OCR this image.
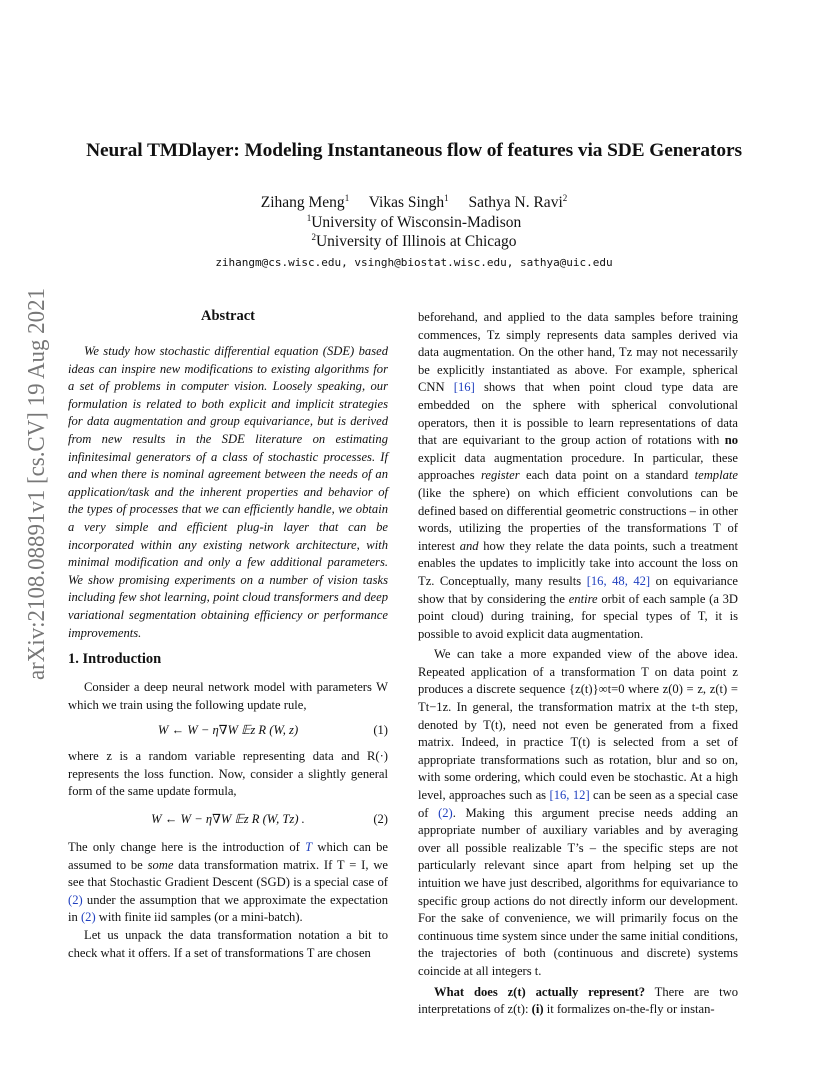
arXiv:2108.08891v1 [cs.CV] 19 Aug 2021
Neural TMDlayer: Modeling Instantaneous flow of features via SDE Generators
Zihang Meng$^1$ Vikas Singh$^1$ Sathya N. Ravi$^2$
$^1$University of Wisconsin-Madison
$^2$University of Illinois at Chicago
zihangm@cs.wisc.edu, vsingh@biostat.wisc.edu, sathya@uic.edu
Abstract

We study how stochastic differential equation (SDE) based ideas can inspire new modifications to existing algorithms for a set of problems in computer vision. Loosely speaking, our formulation is related to both explicit and implicit strategies for data augmentation and group equivariance, but is derived from new results in the SDE literature on estimating infinitesimal generators of a class of stochastic processes. If and when there is nominal agreement between the needs of an application/task and the inherent properties and behavior of the types of processes that we can efficiently handle, we obtain a very simple and efficient plug-in layer that can be incorporated within any existing network architecture, with minimal modification and only a few additional parameters. We show promising experiments on a number of vision tasks including few shot learning, point cloud transformers and deep variational segmentation obtaining efficiency or performance improvements.

1. Introduction

Consider a deep neural network model with parameters W which we train using the following update rule,

W ← W − η∇W 𝔼z R (W, z)	(1)

where z is a random variable representing data and R(·) represents the loss function. Now, consider a slightly general form of the same update formula,

W ← W − η∇W 𝔼z R (W, Tz) .	(2)

The only change here is the introduction of T which can be assumed to be some data transformation matrix. If T = I, we see that Stochastic Gradient Descent (SGD) is a special case of (2) under the assumption that we approximate the expectation in (2) with finite iid samples (or a mini-batch).

Let us unpack the data transformation notation a bit to check what it offers. If a set of transformations T are chosen

beforehand, and applied to the data samples before training commences, Tz simply represents data samples derived via data augmentation. On the other hand, Tz may not necessarily be explicitly instantiated as above. For example, spherical CNN [16] shows that when point cloud type data are embedded on the sphere with spherical convolutional operators, then it is possible to learn representations of data that are equivariant to the group action of rotations with no explicit data augmentation procedure. In particular, these approaches register each data point on a standard template (like the sphere) on which efficient convolutions can be defined based on differential geometric constructions – in other words, utilizing the properties of the transformations T of interest and how they relate the data points, such a treatment enables the updates to implicitly take into account the loss on Tz. Conceptually, many results [16, 48, 42] on equivariance show that by considering the entire orbit of each sample (a 3D point cloud) during training, for special types of T, it is possible to avoid explicit data augmentation.

We can take a more expanded view of the above idea. Repeated application of a transformation T on data point z produces a discrete sequence {z(t)}∞t=0 where z(0) = z, z(t) = Tt−1z. In general, the transformation matrix at the t-th step, denoted by T(t), need not even be generated from a fixed matrix. Indeed, in practice T(t) is selected from a set of appropriate transformations such as rotation, blur and so on, with some ordering, which could even be stochastic. At a high level, approaches such as [16, 12] can be seen as a special case of (2). Making this argument precise needs adding an appropriate number of auxiliary variables and by averaging over all possible realizable T’s – the specific steps are not particularly relevant since apart from helping set up the intuition we have just described, algorithms for equivariance to specific group actions do not directly inform our development. For the sake of convenience, we will primarily focus on the continuous time system since under the same initial conditions, the trajectories of both (continuous and discrete) systems coincide at all integers t.

What does z(t) actually represent? There are two interpretations of z(t): (i) it formalizes on-the-fly or instan-
